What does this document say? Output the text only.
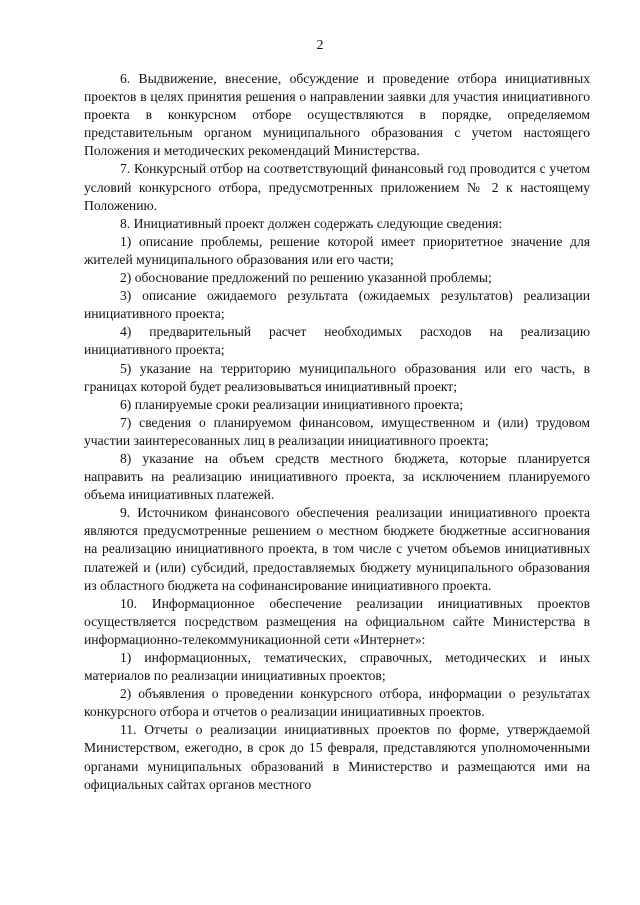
2

6. Выдвижение, внесение, обсуждение и проведение отбора инициативных проектов в целях принятия решения о направлении заявки для участия инициативного проекта в конкурсном отборе осуществляются в порядке, определяемом представительным органом муниципального образования с учетом настоящего Положения и методических рекомендаций Министерства.

7. Конкурсный отбор на соответствующий финансовый год проводится с учетом условий конкурсного отбора, предусмотренных приложением № 2 к настоящему Положению.

8. Инициативный проект должен содержать следующие сведения:

1) описание проблемы, решение которой имеет приоритетное значение для жителей муниципального образования или его части;

2) обоснование предложений по решению указанной проблемы;

3) описание ожидаемого результата (ожидаемых результатов) реализации инициативного проекта;

4) предварительный расчет необходимых расходов на реализацию инициативного проекта;

5) указание на территорию муниципального образования или его часть, в границах которой будет реализовываться инициативный проект;

6) планируемые сроки реализации инициативного проекта;

7) сведения о планируемом финансовом, имущественном и (или) трудовом участии заинтересованных лиц в реализации инициативного проекта;

8) указание на объем средств местного бюджета, которые планируется направить на реализацию инициативного проекта, за исключением планируемого объема инициативных платежей.

9. Источником финансового обеспечения реализации инициативного проекта являются предусмотренные решением о местном бюджете бюджетные ассигнования на реализацию инициативного проекта, в том числе с учетом объемов инициативных платежей и (или) субсидий, предоставляемых бюджету муниципального образования из областного бюджета на софинансирование инициативного проекта.

10. Информационное обеспечение реализации инициативных проектов осуществляется посредством размещения на официальном сайте Министерства в информационно-телекоммуникационной сети «Интернет»:

1) информационных, тематических, справочных, методических и иных материалов по реализации инициативных проектов;

2) объявления о проведении конкурсного отбора, информации о результатах конкурсного отбора и отчетов о реализации инициативных проектов.

11. Отчеты о реализации инициативных проектов по форме, утверждаемой Министерством, ежегодно, в срок до 15 февраля, представляются уполномоченными органами муниципальных образований в Министерство и размещаются ими на официальных сайтах органов местного
